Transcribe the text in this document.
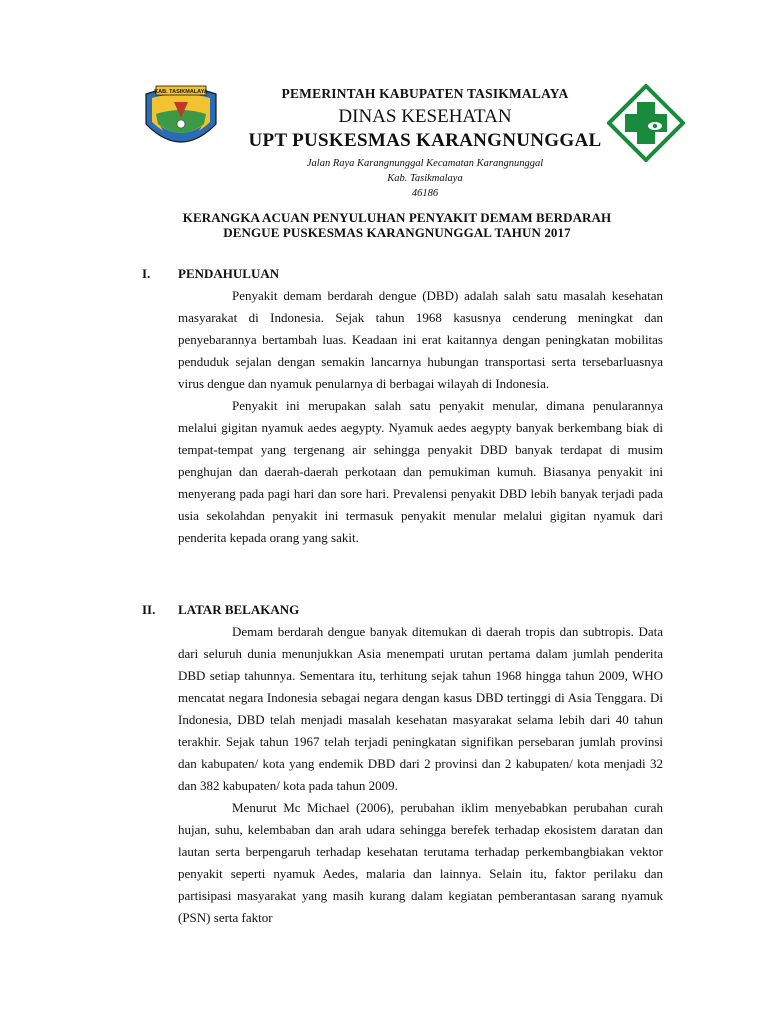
KAB. TASIKMALAYA	PEMERINTAH KABUPATEN TASIKMALAYA
DINAS KESEHATAN
UPT PUSKESMAS KARANGNUNGGAL
Jalan Raya Karangnunggal Kecamatan Karangnunggal
Kab. Tasikmalaya
46186
KERANGKA ACUAN PENYULUHAN PENYAKIT DEMAM BERDARAH
DENGUE PUSKESMAS KARANGNUNGGAL TAHUN 2017
I. PENDAHULUAN

Penyakit demam berdarah dengue (DBD) adalah salah satu masalah kesehatan masyarakat di Indonesia. Sejak tahun 1968 kasusnya cenderung meningkat dan penyebarannya bertambah luas. Keadaan ini erat kaitannya dengan peningkatan mobilitas penduduk sejalan dengan semakin lancarnya hubungan transportasi serta tersebarluasnya virus dengue dan nyamuk penularnya di berbagai wilayah di Indonesia.

Penyakit ini merupakan salah satu penyakit menular, dimana penularannya melalui gigitan nyamuk aedes aegypty. Nyamuk aedes aegypty banyak berkembang biak di tempat-tempat yang tergenang air sehingga penyakit DBD banyak terdapat di musim penghujan dan daerah-daerah perkotaan dan pemukiman kumuh. Biasanya penyakit ini menyerang pada pagi hari dan sore hari. Prevalensi penyakit DBD lebih banyak terjadi pada usia sekolahdan penyakit ini termasuk penyakit menular melalui gigitan nyamuk dari penderita kepada orang yang sakit.

II. LATAR BELAKANG

Demam berdarah dengue banyak ditemukan di daerah tropis dan subtropis. Data dari seluruh dunia menunjukkan Asia menempati urutan pertama dalam jumlah penderita DBD setiap tahunnya. Sementara itu, terhitung sejak tahun 1968 hingga tahun 2009, WHO mencatat negara Indonesia sebagai negara dengan kasus DBD tertinggi di Asia Tenggara. Di Indonesia, DBD telah menjadi masalah kesehatan masyarakat selama lebih dari 40 tahun terakhir. Sejak tahun 1967 telah terjadi peningkatan signifikan persebaran jumlah provinsi dan kabupaten/ kota yang endemik DBD dari 2 provinsi dan 2 kabupaten/ kota menjadi 32 dan 382 kabupaten/ kota pada tahun 2009.

Menurut Mc Michael (2006), perubahan iklim menyebabkan perubahan curah hujan, suhu, kelembaban dan arah udara sehingga berefek terhadap ekosistem daratan dan lautan serta berpengaruh terhadap kesehatan terutama terhadap perkembangbiakan vektor penyakit seperti nyamuk Aedes, malaria dan lainnya. Selain itu, faktor perilaku dan partisipasi masyarakat yang masih kurang dalam kegiatan pemberantasan sarang nyamuk (PSN) serta faktor
